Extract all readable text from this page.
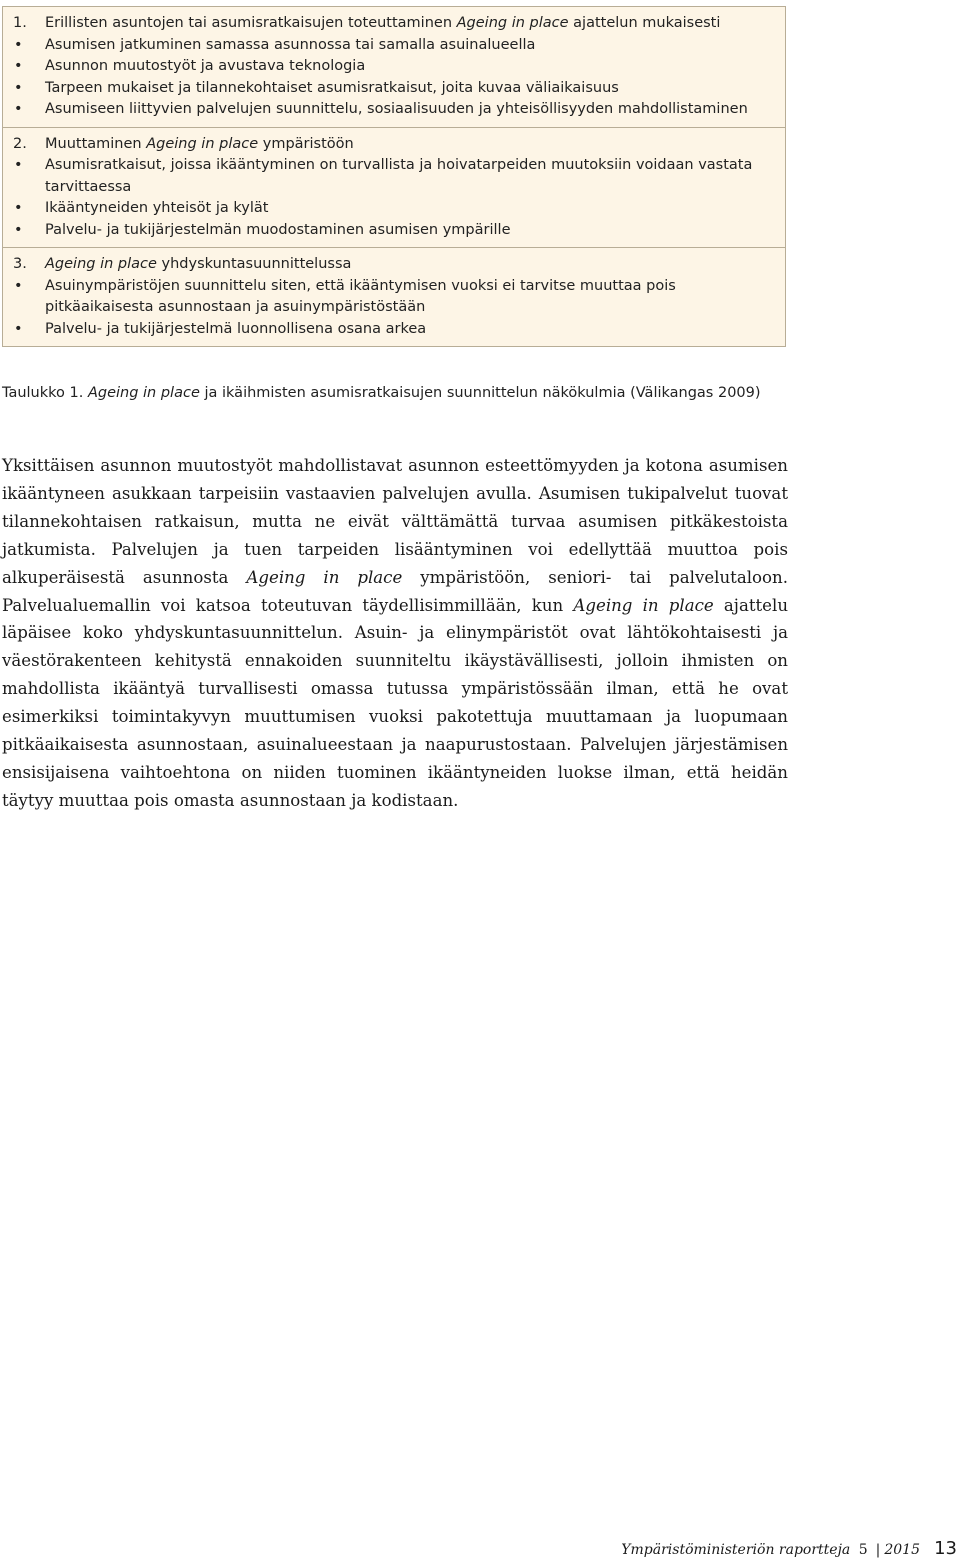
1. Erillisten asuntojen tai asumisratkaisujen toteuttaminen Ageing in place ajattelun mukaisesti
• Asumisen jatkuminen samassa asunnossa tai samalla asuinalueella
• Asunnon muutostyöt ja avustava teknologia
• Tarpeen mukaiset ja tilannekohtaiset asumisratkaisut, joita kuvaa väliaikaisuus
• Asumiseen liittyvien palvelujen suunnittelu, sosiaalisuuden ja yhteisöllisyyden mahdollistaminen
2. Muuttaminen Ageing in place ympäristöön
• Asumisratkaisut, joissa ikääntyminen on turvallista ja hoivatarpeiden muutoksiin voidaan vastata tarvittaessa
• Ikääntyneiden yhteisöt ja kylät
• Palvelu- ja tukijärjestelmän muodostaminen asumisen ympärille
3. Ageing in place yhdyskuntasuunnittelussa
• Asuinympäristöjen suunnittelu siten, että ikääntymisen vuoksi ei tarvitse muuttaa pois pitkäaikaisesta asunnostaan ja asuinympäristöstään
• Palvelu- ja tukijärjestelmä luonnollisena osana arkea
Taulukko 1. Ageing in place ja ikäihmisten asumisratkaisujen suunnittelun näkökulmia (Välikangas 2009)
Yksittäisen asunnon muutostyöt mahdollistavat asunnon esteettömyyden ja kotona asumisen ikääntyneen asukkaan tarpeisiin vastaavien palvelujen avulla. Asumisen tukipalvelut tuovat tilannekohtaisen ratkaisun, mutta ne eivät välttämättä turvaa asumisen pitkäkestoista jatkumista. Palvelujen ja tuen tarpeiden lisääntyminen voi edellyttää muuttoa pois alkuperäisestä asunnosta Ageing in place ympäristöön, seniori- tai palvelutaloon. Palvelualuemallin voi katsoa toteutuvan täydellisimmillään, kun Ageing in place ajattelu läpäisee koko yhdyskuntasuunnittelun. Asuin- ja elinympäristöt ovat lähtökohtaisesti ja väestörakenteen kehitystä ennakoiden suunniteltu ikäystävällisesti, jolloin ihmisten on mahdollista ikääntyä turvallisesti omassa tutussa ympäristössään ilman, että he ovat esimerkiksi toimintakyvyn muuttumisen vuoksi pakotettuja muuttamaan ja luopumaan pitkäaikaisesta asunnostaan, asuinalueestaan ja naapurustostaan. Palvelujen järjestämisen ensisijaisena vaihtoehtona on niiden tuominen ikääntyneiden luokse ilman, että heidän täytyy muuttaa pois omasta asunnostaan ja kodistaan.
Ympäristöministeriön raportteja 5 | 2015 13
